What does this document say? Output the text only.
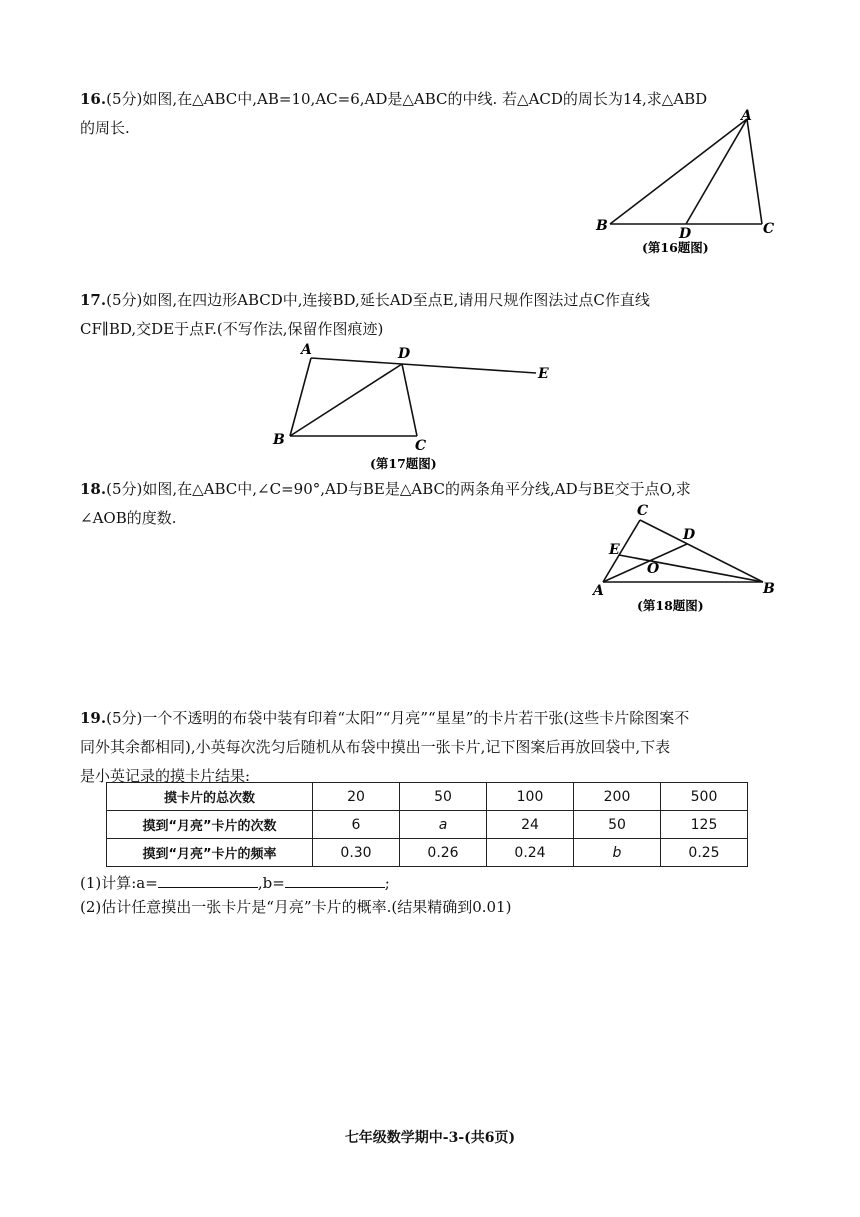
16.(5分)如图,在△ABC中,AB=10,AC=6,AD是△ABC的中线. 若△ACD的周长为14,求△ABD
的周长.
A
B	C
D
(第16题图)
17.(5分)如图,在四边形ABCD中,连接BD,延长AD至点E,请用尺规作图法过点C作直线
CF∥BD,交DE于点F.(不写作法,保留作图痕迹)
A	D
E
B	C
(第17题图)
18.(5分)如图,在△ABC中,∠C=90°,AD与BE是△ABC的两条角平分线,AD与BE交于点O,求
∠AOB的度数.	C
D
E
O
A	B
(第18题图)
19.(5分)一个不透明的布袋中装有印着“太阳”“月亮”“星星”的卡片若干张(这些卡片除图案不
同外其余都相同),小英每次洗匀后随机从布袋中摸出一张卡片,记下图案后再放回袋中,下表
是小英记录的摸卡片结果:
摸卡片的总次数	20	50	100	200	500
摸到“月亮”卡片的次数	6	a	24	50	125
摸到“月亮”卡片的频率	0.30	0.26	0.24	b	0.25
(1)计算:a=	,b=	;
(2)估计任意摸出一张卡片是“月亮”卡片的概率.(结果精确到0.01)
七年级数学期中-3-(共6页)
